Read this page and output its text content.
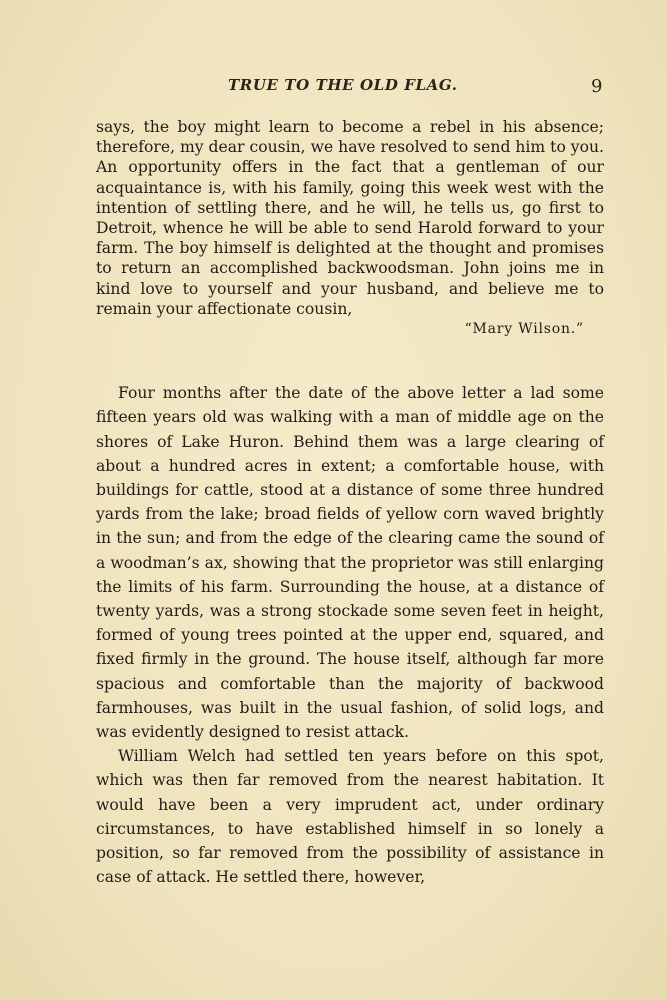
TRUE TO THE OLD FLAG.	9

says, the boy might learn to become a rebel in his absence; therefore, my dear cousin, we have resolved to send him to you. An opportunity offers in the fact that a gentleman of our acquaintance is, with his family, going this week west with the intention of settling there, and he will, he tells us, go first to Detroit, whence he will be able to send Harold forward to your farm. The boy himself is delighted at the thought and promises to return an accomplished backwoodsman. John joins me in kind love to yourself and your husband, and believe me to remain your affectionate cousin,

“Mary Wilson.”

Four months after the date of the above letter a lad some fifteen years old was walking with a man of middle age on the shores of Lake Huron. Behind them was a large clearing of about a hundred acres in extent; a comfortable house, with buildings for cattle, stood at a distance of some three hundred yards from the lake; broad fields of yellow corn waved brightly in the sun; and from the edge of the clearing came the sound of a woodman’s ax, showing that the proprietor was still enlarging the limits of his farm. Surrounding the house, at a distance of twenty yards, was a strong stockade some seven feet in height, formed of young trees pointed at the upper end, squared, and fixed firmly in the ground. The house itself, although far more spacious and comfortable than the majority of backwood farmhouses, was built in the usual fashion, of solid logs, and was evidently designed to resist attack.

William Welch had settled ten years before on this spot, which was then far removed from the nearest habitation. It would have been a very imprudent act, under ordinary circumstances, to have established himself in so lonely a position, so far removed from the possibility of assistance in case of attack. He settled there, however,
